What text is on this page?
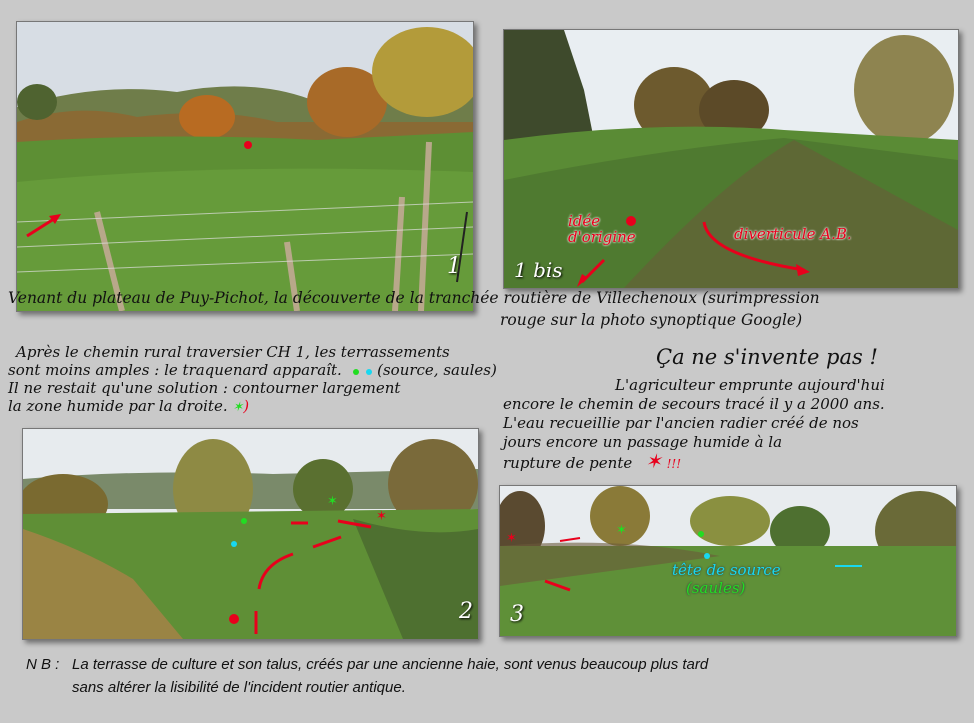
1
idée
d'origine	diverticule A.B.
1 bis
Venant du plateau de Puy-Pichot, la découverte de la tranchée routière de Villechenoux (surimpression
rouge sur la photo synoptique Google)
Après le chemin rural traversier CH 1, les terrassements
sont moins amples : le traquenard apparaît. (source, saules)
Il ne restait qu'une solution : contourner largement
la zone humide par la droite. ✶)
Ça ne s'invente pas !
L'agriculteur emprunte aujourd'hui
encore le chemin de secours tracé il y a 2000 ans.
L'eau recueillie par l'ancien radier créé de nos
jours encore un passage humide à la
rupture de pente ✶ !!!
✶
✶
2
✶
✶
tête de source
(saules)
3
N B : La terrasse de culture et son talus, créés par une ancienne haie, sont venus beaucoup plus tard
sans altérer la lisibilité de l'incident routier antique.
